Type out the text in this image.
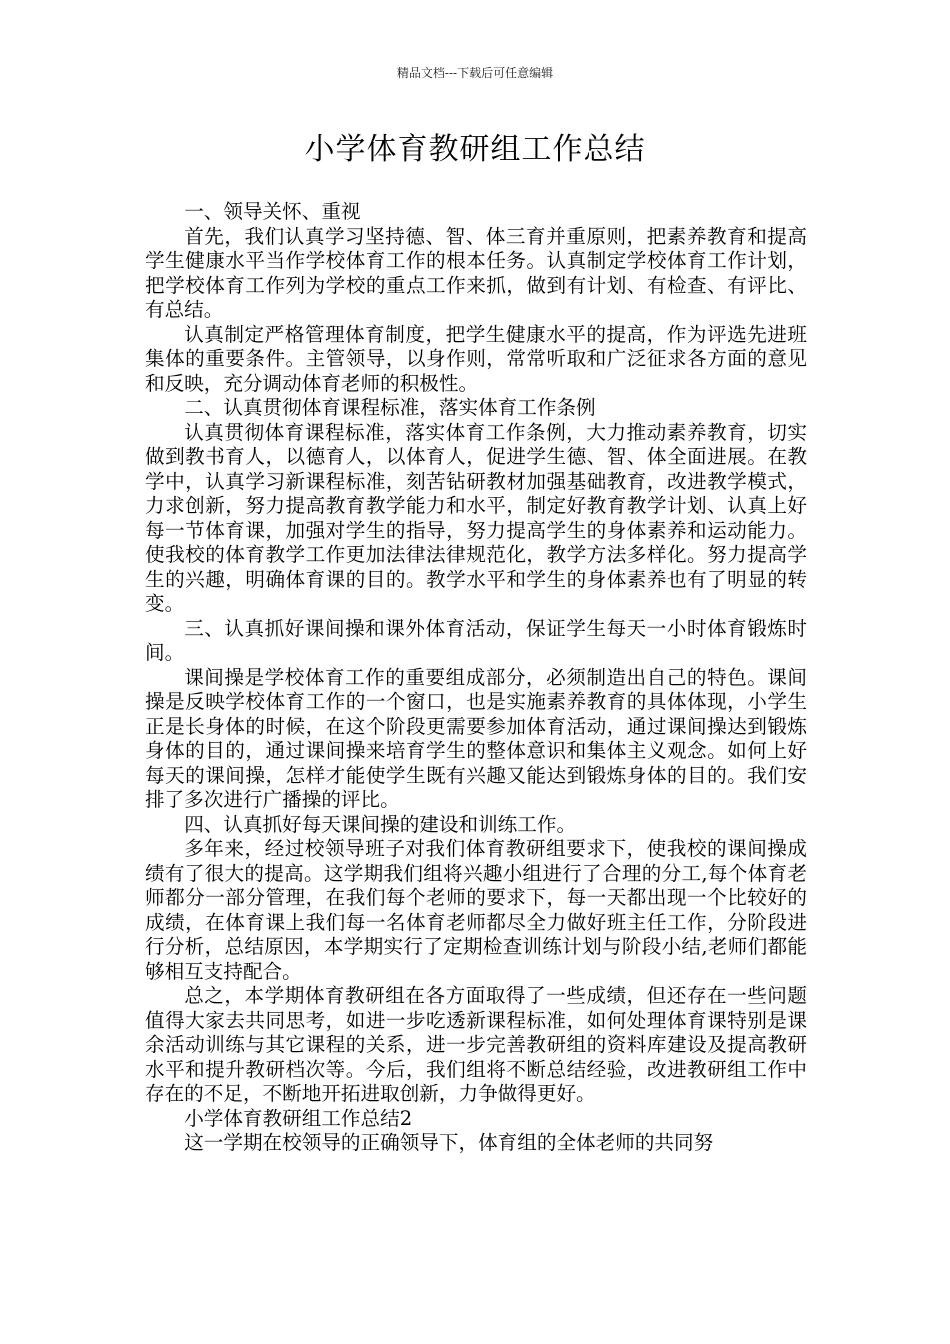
精品文档---下载后可任意编辑
小学体育教研组工作总结

一、领导关怀、重视

首先，我们认真学习坚持德、智、体三育并重原则，把素养教育和提高学生健康水平当作学校体育工作的根本任务。认真制定学校体育工作计划，把学校体育工作列为学校的重点工作来抓，做到有计划、有检查、有评比、有总结。

认真制定严格管理体育制度，把学生健康水平的提高，作为评选先进班集体的重要条件。主管领导，以身作则，常常听取和广泛征求各方面的意见和反映，充分调动体育老师的积极性。

二、认真贯彻体育课程标准，落实体育工作条例

认真贯彻体育课程标准，落实体育工作条例，大力推动素养教育，切实做到教书育人，以德育人，以体育人，促进学生德、智、体全面进展。在教学中，认真学习新课程标准，刻苦钻研教材加强基础教育，改进教学模式，力求创新，努力提高教育教学能力和水平，制定好教育教学计划、认真上好每一节体育课，加强对学生的指导，努力提高学生的身体素养和运动能力。使我校的体育教学工作更加法律法律规范化，教学方法多样化。努力提高学生的兴趣，明确体育课的目的。教学水平和学生的身体素养也有了明显的转变。

三、认真抓好课间操和课外体育活动，保证学生每天一小时体育锻炼时间。

课间操是学校体育工作的重要组成部分，必须制造出自己的特色。课间操是反映学校体育工作的一个窗口，也是实施素养教育的具体体现，小学生正是长身体的时候，在这个阶段更需要参加体育活动，通过课间操达到锻炼身体的目的，通过课间操来培育学生的整体意识和集体主义观念。如何上好每天的课间操，怎样才能使学生既有兴趣又能达到锻炼身体的目的。我们安排了多次进行广播操的评比。

四、认真抓好每天课间操的建设和训练工作。

多年来，经过校领导班子对我们体育教研组要求下，使我校的课间操成绩有了很大的提高。这学期我们组将兴趣小组进行了合理的分工,每个体育老师都分一部分管理，在我们每个老师的要求下，每一天都出现一个比较好的成绩，在体育课上我们每一名体育老师都尽全力做好班主任工作，分阶段进行分析，总结原因，本学期实行了定期检查训练计划与阶段小结,老师们都能够相互支持配合。

总之，本学期体育教研组在各方面取得了一些成绩，但还存在一些问题值得大家去共同思考，如进一步吃透新课程标准，如何处理体育课特别是课余活动训练与其它课程的关系，进一步完善教研组的资料库建设及提高教研水平和提升教研档次等。今后，我们组将不断总结经验，改进教研组工作中存在的不足，不断地开拓进取创新，力争做得更好。

小学体育教研组工作总结2

这一学期在校领导的正确领导下，体育组的全体老师的共同努
